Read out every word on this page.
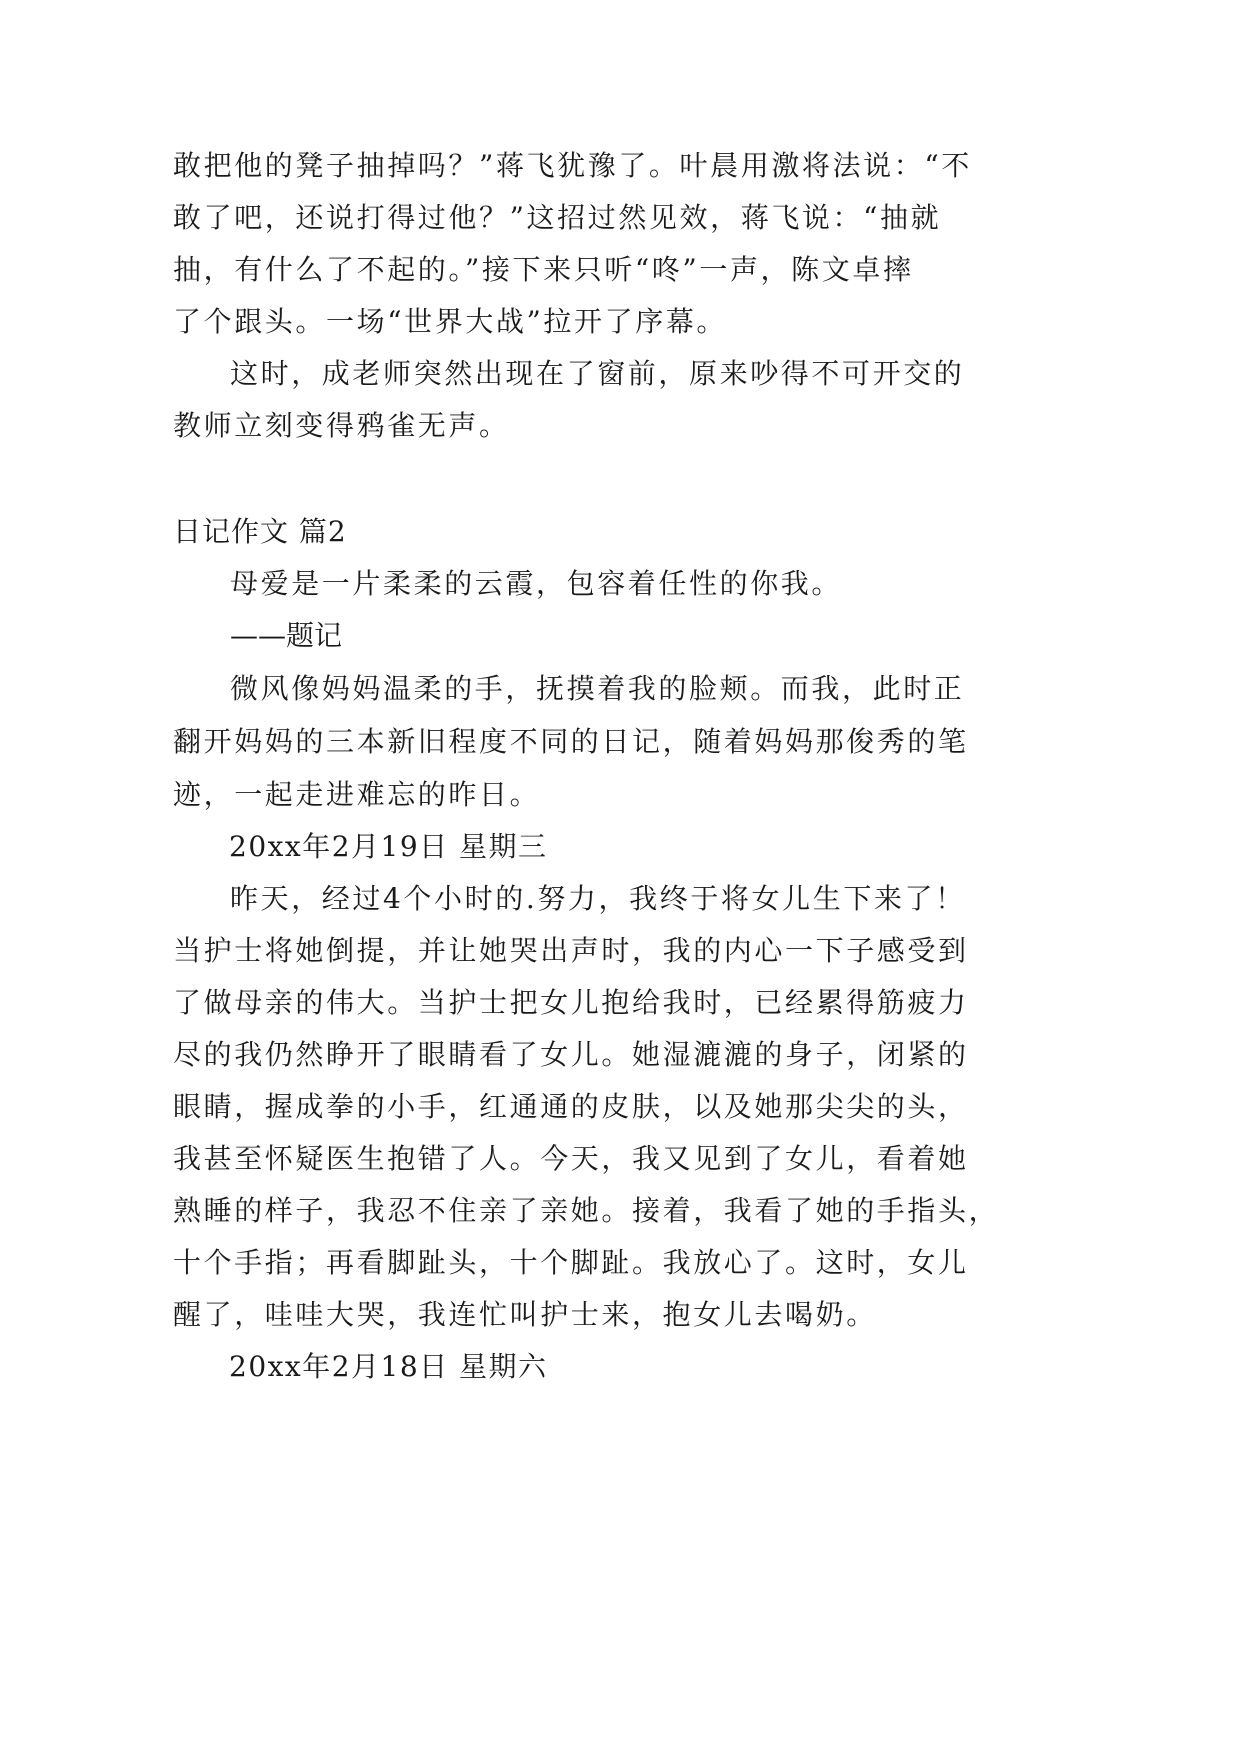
敢把他的凳子抽掉吗？”蒋飞犹豫了。叶晨用激将法说：“不

敢了吧，还说打得过他？”这招过然见效，蒋飞说：“抽就

抽，有什么了不起的。”接下来只听“咚”一声，陈文卓摔

了个跟头。一场“世界大战”拉开了序幕。

这时，成老师突然出现在了窗前，原来吵得不可开交的

教师立刻变得鸦雀无声。

日记作文 篇2

母爱是一片柔柔的云霞，包容着任性的你我。

——题记

微风像妈妈温柔的手，抚摸着我的脸颊。而我，此时正

翻开妈妈的三本新旧程度不同的日记，随着妈妈那俊秀的笔

迹，一起走进难忘的昨日。

20xx年2月19日 星期三

昨天，经过4个小时的.努力，我终于将女儿生下来了！

当护士将她倒提，并让她哭出声时，我的内心一下子感受到

了做母亲的伟大。当护士把女儿抱给我时，已经累得筋疲力

尽的我仍然睁开了眼睛看了女儿。她湿漉漉的身子，闭紧的

眼睛，握成拳的小手，红通通的皮肤，以及她那尖尖的头，

我甚至怀疑医生抱错了人。今天，我又见到了女儿，看着她

熟睡的样子，我忍不住亲了亲她。接着，我看了她的手指头，

十个手指；再看脚趾头，十个脚趾。我放心了。这时，女儿

醒了，哇哇大哭，我连忙叫护士来，抱女儿去喝奶。

20xx年2月18日 星期六
